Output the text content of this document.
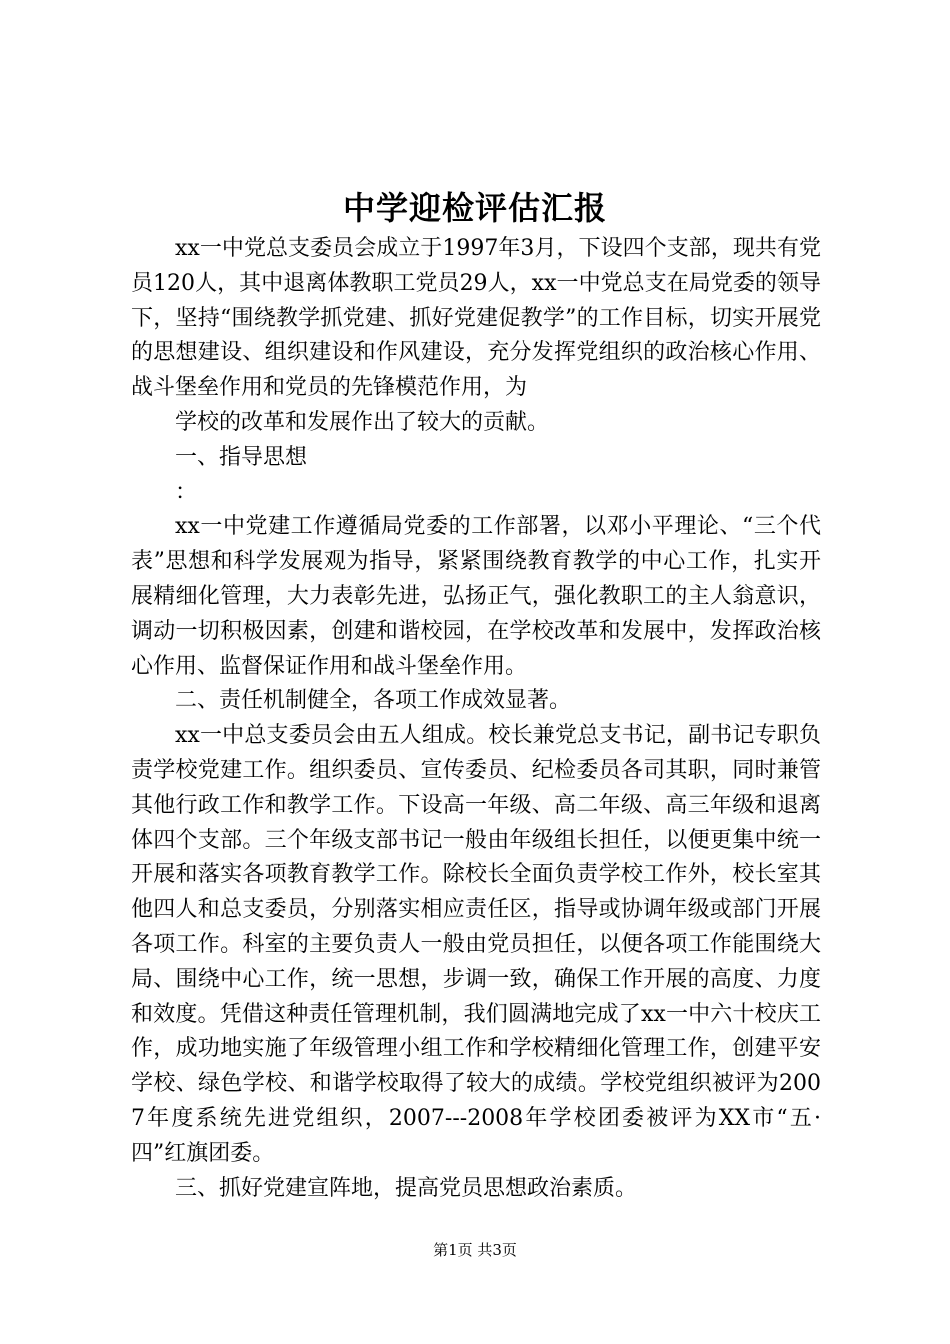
中学迎检评估汇报

xx一中党总支委员会成立于1997年3月，下设四个支部，现共有党员120人，其中退离体教职工党员29人，xx一中党总支在局党委的领导下，坚持“围绕教学抓党建、抓好党建促教学”的工作目标，切实开展党的思想建设、组织建设和作风建设，充分发挥党组织的政治核心作用、战斗堡垒作用和党员的先锋模范作用，为

学校的改革和发展作出了较大的贡献。

一、指导思想

：

xx一中党建工作遵循局党委的工作部署，以邓小平理论、“三个代表”思想和科学发展观为指导，紧紧围绕教育教学的中心工作，扎实开展精细化管理，大力表彰先进，弘扬正气，强化教职工的主人翁意识，调动一切积极因素，创建和谐校园，在学校改革和发展中，发挥政治核心作用、监督保证作用和战斗堡垒作用。

二、责任机制健全，各项工作成效显著。

xx一中总支委员会由五人组成。校长兼党总支书记，副书记专职负责学校党建工作。组织委员、宣传委员、纪检委员各司其职，同时兼管其他行政工作和教学工作。下设高一年级、高二年级、高三年级和退离体四个支部。三个年级支部书记一般由年级组长担任，以便更集中统一开展和落实各项教育教学工作。除校长全面负责学校工作外，校长室其他四人和总支委员，分别落实相应责任区，指导或协调年级或部门开展各项工作。科室的主要负责人一般由党员担任，以便各项工作能围绕大局、围绕中心工作，统一思想，步调一致，确保工作开展的高度、力度和效度。凭借这种责任管理机制，我们圆满地完成了xx一中六十校庆工作，成功地实施了年级管理小组工作和学校精细化管理工作，创建平安学校、绿色学校、和谐学校取得了较大的成绩。学校党组织被评为2007年度系统先进党组织，2007---2008年学校团委被评为XX市“五·四”红旗团委。

三、抓好党建宣阵地，提高党员思想政治素质。

第1页 共3页
